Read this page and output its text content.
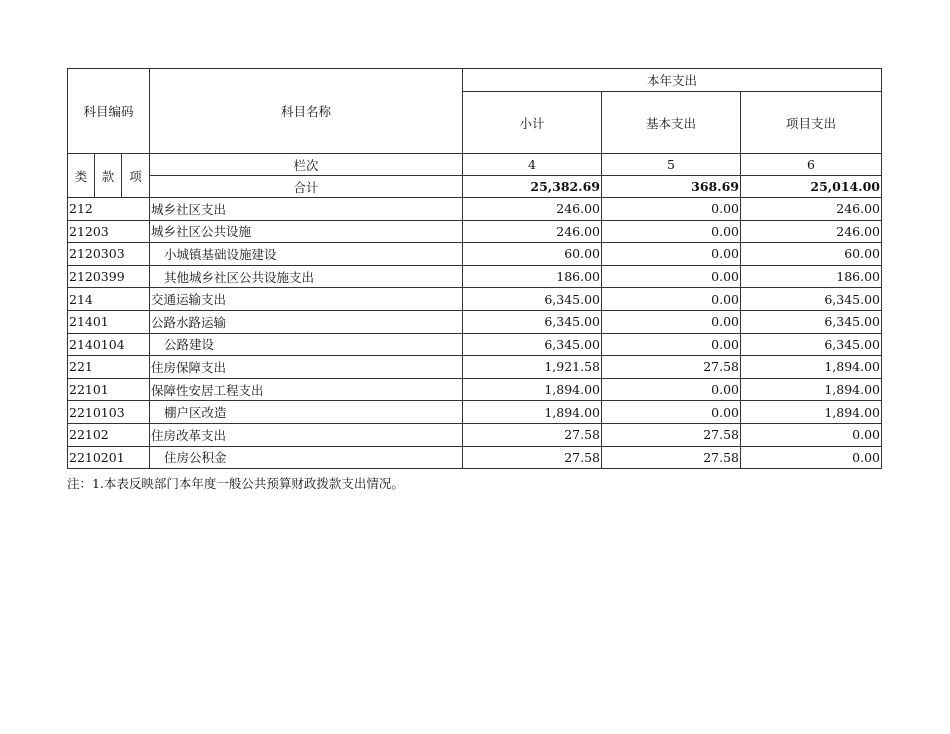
科目编码			科目名称	本年支出		
				小计	基本支出	项目支出
类	款	项	栏次	4	5	6
			合计	25,382.69	368.69	25,014.00
212			城乡社区支出	246.00	0.00	246.00
21203			城乡社区公共设施	246.00	0.00	246.00
2120303			小城镇基础设施建设	60.00	0.00	60.00
2120399			其他城乡社区公共设施支出	186.00	0.00	186.00
214			交通运输支出	6,345.00	0.00	6,345.00
21401			公路水路运输	6,345.00	0.00	6,345.00
2140104			公路建设	6,345.00	0.00	6,345.00
221			住房保障支出	1,921.58	27.58	1,894.00
22101			保障性安居工程支出	1,894.00	0.00	1,894.00
2210103			棚户区改造	1,894.00	0.00	1,894.00
22102			住房改革支出	27.58	27.58	0.00
2210201			住房公积金	27.58	27.58	0.00
注：1.本表反映部门本年度一般公共预算财政拨款支出情况。
